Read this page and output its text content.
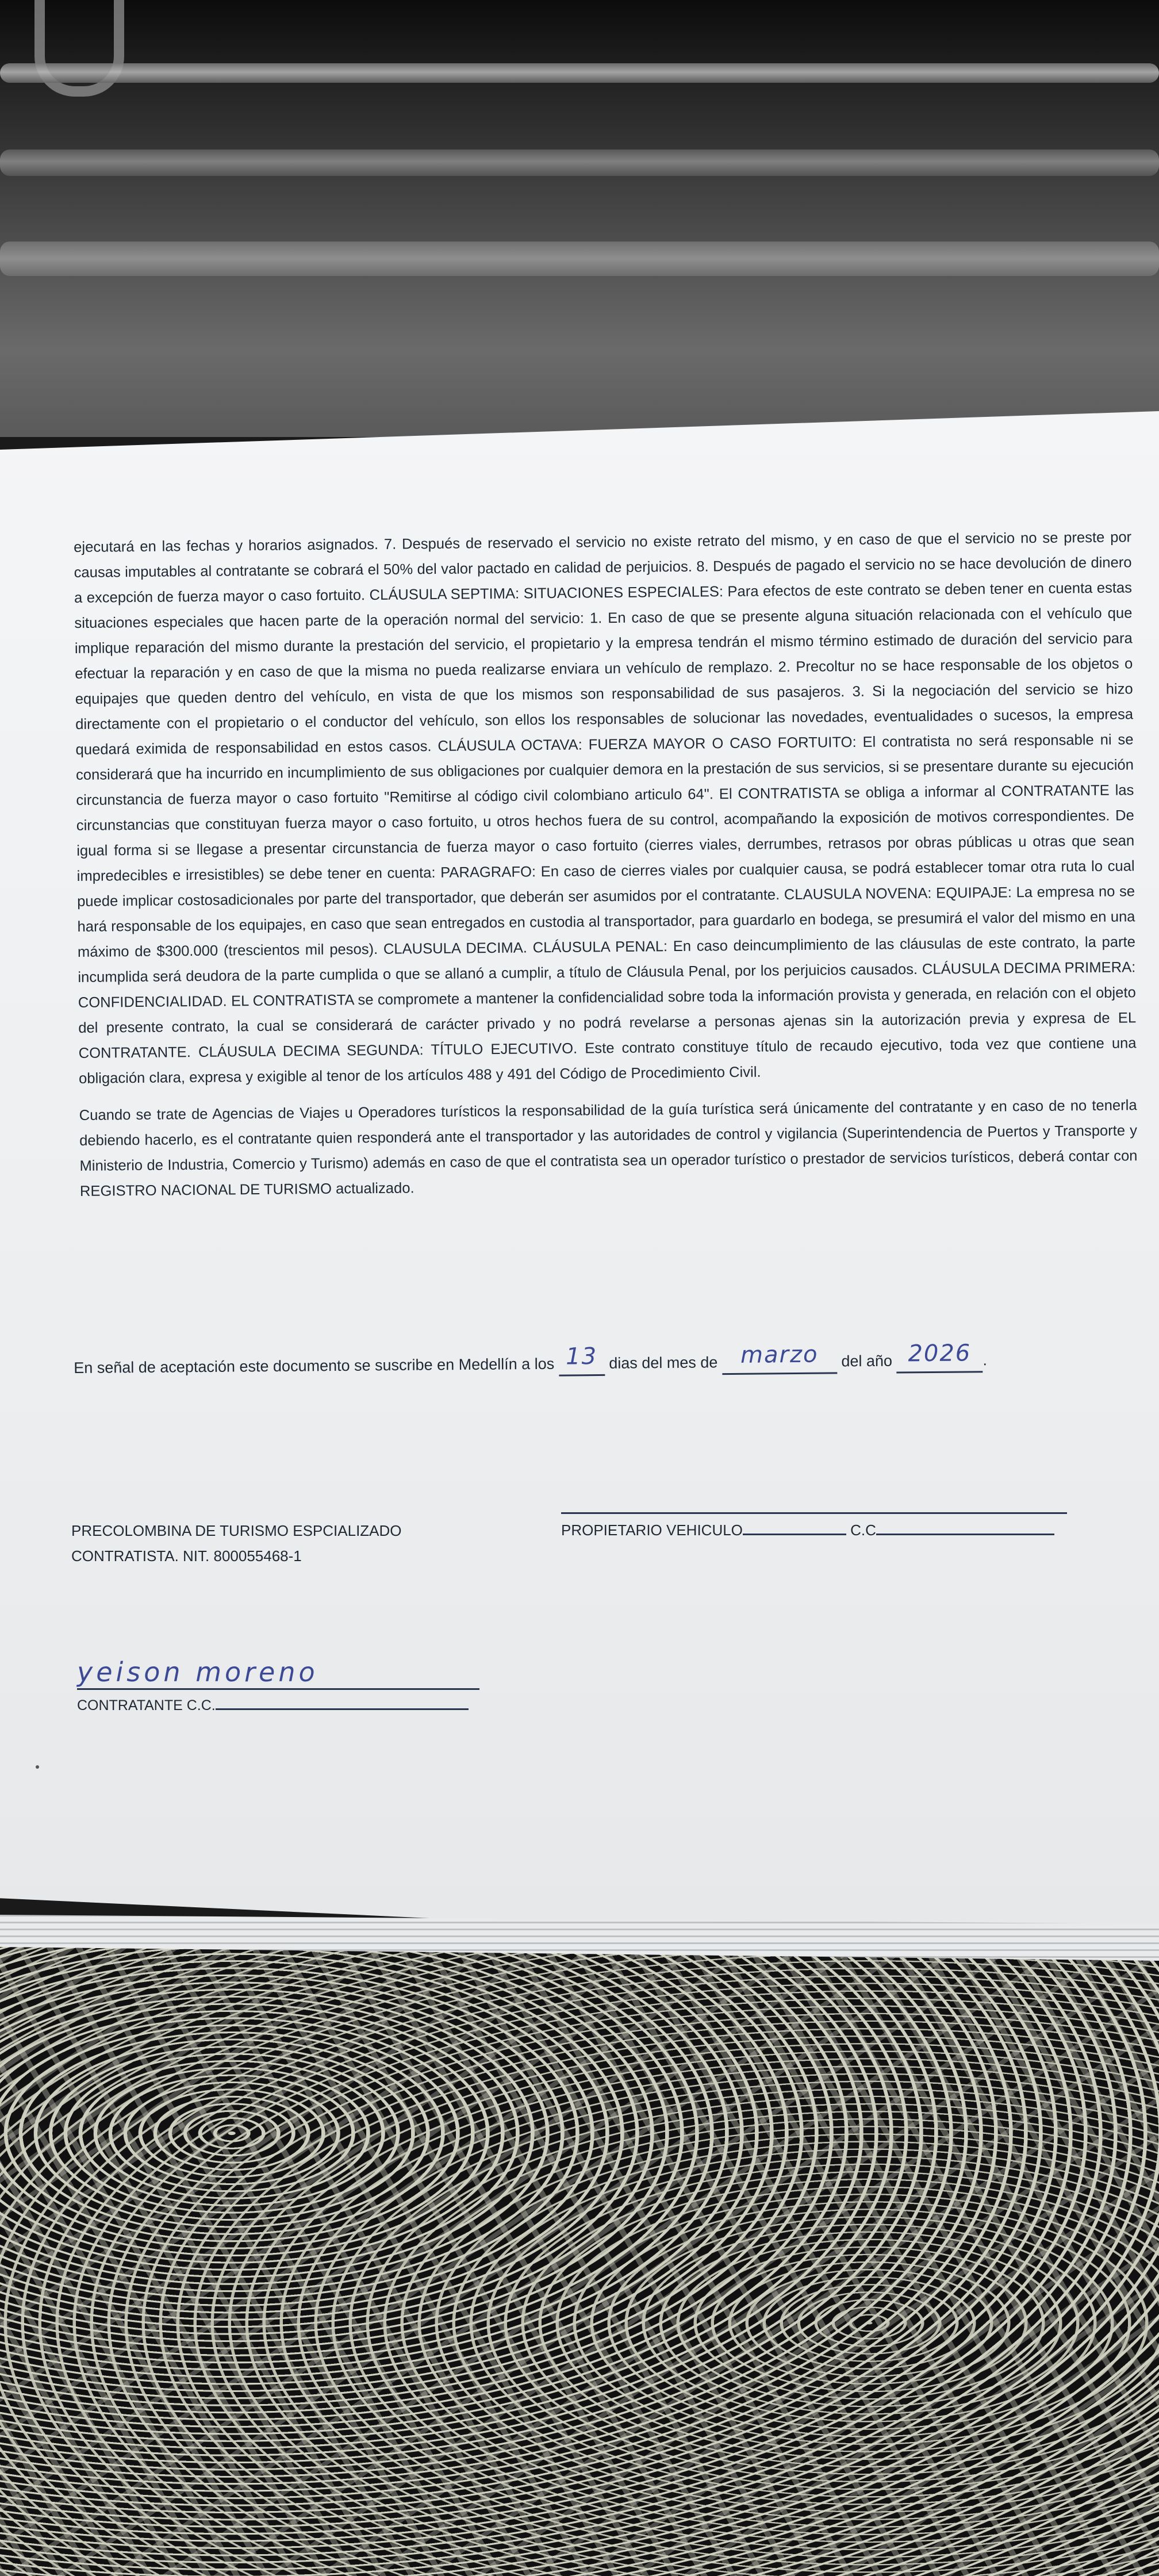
ejecutará en las fechas y horarios asignados. 7. Después de reservado el servicio no existe retrato del mismo, y en caso de que el servicio no se preste por causas imputables al contratante se cobrará el 50% del valor pactado en calidad de perjuicios. 8. Después de pagado el servicio no se hace devolución de dinero a excepción de fuerza mayor o caso fortuito. CLÁUSULA SEPTIMA: SITUACIONES ESPECIALES: Para efectos de este contrato se deben tener en cuenta estas situaciones especiales que hacen parte de la operación normal del servicio: 1. En caso de que se presente alguna situación relacionada con el vehículo que implique reparación del mismo durante la prestación del servicio, el propietario y la empresa tendrán el mismo término estimado de duración del servicio para efectuar la reparación y en caso de que la misma no pueda realizarse enviara un vehículo de remplazo. 2. Precoltur no se hace responsable de los objetos o equipajes que queden dentro del vehículo, en vista de que los mismos son responsabilidad de sus pasajeros. 3. Si la negociación del servicio se hizo directamente con el propietario o el conductor del vehículo, son ellos los responsables de solucionar las novedades, eventualidades o sucesos, la empresa quedará eximida de responsabilidad en estos casos. CLÁUSULA OCTAVA: FUERZA MAYOR O CASO FORTUITO: El contratista no será responsable ni se considerará que ha incurrido en incumplimiento de sus obligaciones por cualquier demora en la prestación de sus servicios, si se presentare durante su ejecución circunstancia de fuerza mayor o caso fortuito "Remitirse al código civil colombiano articulo 64". El CONTRATISTA se obliga a informar al CONTRATANTE las circunstancias que constituyan fuerza mayor o caso fortuito, u otros hechos fuera de su control, acompañando la exposición de motivos correspondientes. De igual forma si se llegase a presentar circunstancia de fuerza mayor o caso fortuito (cierres viales, derrumbes, retrasos por obras públicas u otras que sean impredecibles e irresistibles) se debe tener en cuenta: PARAGRAFO: En caso de cierres viales por cualquier causa, se podrá establecer tomar otra ruta lo cual puede implicar costosadicionales por parte del transportador, que deberán ser asumidos por el contratante. CLAUSULA NOVENA: EQUIPAJE: La empresa no se hará responsable de los equipajes, en caso que sean entregados en custodia al transportador, para guardarlo en bodega, se presumirá el valor del mismo en una máximo de $300.000 (trescientos mil pesos). CLAUSULA DECIMA. CLÁUSULA PENAL: En caso deincumplimiento de las cláusulas de este contrato, la parte incumplida será deudora de la parte cumplida o que se allanó a cumplir, a título de Cláusula Penal, por los perjuicios causados. CLÁUSULA DECIMA PRIMERA: CONFIDENCIALIDAD. EL CONTRATISTA se compromete a mantener la confidencialidad sobre toda la información provista y generada, en relación con el objeto del presente contrato, la cual se considerará de carácter privado y no podrá revelarse a personas ajenas sin la autorización previa y expresa de EL CONTRATANTE. CLÁUSULA DECIMA SEGUNDA: TÍTULO EJECUTIVO. Este contrato constituye título de recaudo ejecutivo, toda vez que contiene una obligación clara, expresa y exigible al tenor de los artículos 488 y 491 del Código de Procedimiento Civil.

Cuando se trate de Agencias de Viajes u Operadores turísticos la responsabilidad de la guía turística será únicamente del contratante y en caso de no tenerla debiendo hacerlo, es el contratante quien responderá ante el transportador y las autoridades de control y vigilancia (Superintendencia de Puertos y Transporte y Ministerio de Industria, Comercio y Turismo) además en caso de que el contratista sea un operador turístico o prestador de servicios turísticos, deberá contar con REGISTRO NACIONAL DE TURISMO actualizado.

En señal de aceptación este documento se suscribe en Medellín a los 13 dias del mes de marzo del año 2026 .
PRECOLOMBINA DE TURISMO ESPCIALIZADO
CONTRATISTA. NIT. 800055468-1
PROPIETARIO VEHICULO	C.C
yeison moreno
CONTRATANTE C.C.
